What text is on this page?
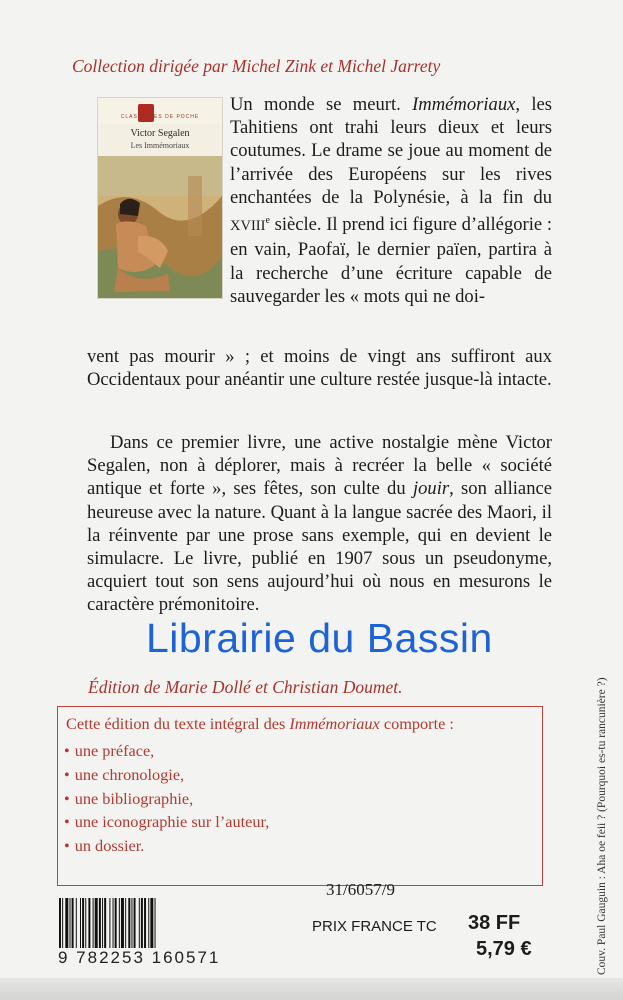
Collection dirigée par Michel Zink et Michel Jarrety
CLASSIQUES DE POCHE
Victor Segalen
Les Immémoriaux

Un monde se meurt. Immémoriaux, les Tahitiens ont trahi leurs dieux et leurs coutumes. Le drame se joue au moment de l’arrivée des Européens sur les rives enchantées de la Polynésie, à la fin du XVIIIe siècle. Il prend ici figure d’allégorie : en vain, Paofaï, le dernier païen, partira à la recherche d’une écriture capable de sauvegarder les « mots qui ne doi-

vent pas mourir » ; et moins de vingt ans suffiront aux Occidentaux pour anéantir une culture restée jusque-là intacte.

Dans ce premier livre, une active nostalgie mène Victor Segalen, non à déplorer, mais à recréer la belle « société antique et forte », ses fêtes, son culte du jouir, son alliance heureuse avec la nature. Quant à la langue sacrée des Maori, il la réinvente par une prose sans exemple, qui en devient le simulacre. Le livre, publié en 1907 sous un pseudonyme, acquiert tout son sens aujourd’hui où nous en mesurons le caractère prémonitoire.

Librairie du Bassin
Édition de Marie Dollé et Christian Doumet.
Cette édition du texte intégral des Immémoriaux comporte :
• une préface,
• une chronologie,
• une bibliographie,
• une iconographie sur l’auteur,
• un dossier.
9 782253 160571
31/6057/9
PRIX FRANCE TC 38 FF
5,79 €	Couv. Paul Gauguin : Aha oe feii ? (Pourquoi es-tu rancunière ?)
